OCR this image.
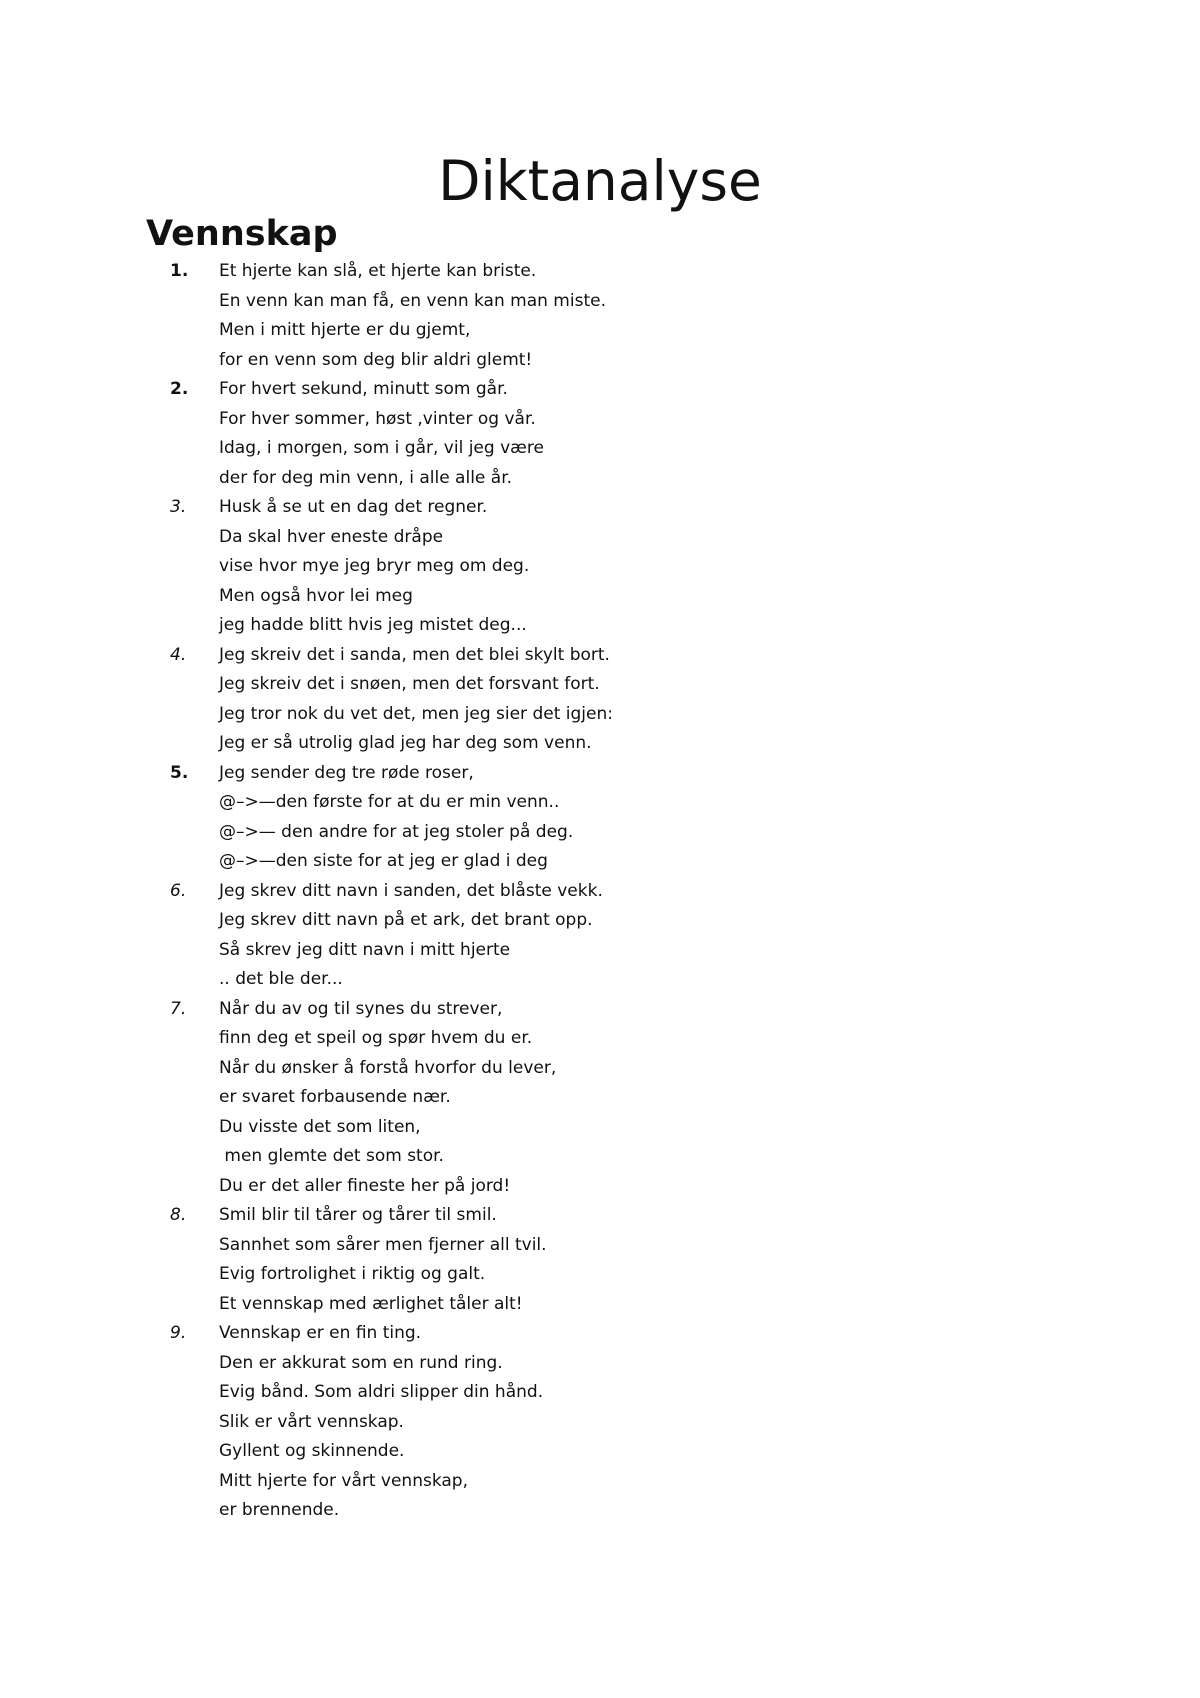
Diktanalyse
Vennskap
1.	Et hjerte kan slå, et hjerte kan briste.
En venn kan man få, en venn kan man miste.
Men i mitt hjerte er du gjemt,
for en venn som deg blir aldri glemt!
2.	For hvert sekund, minutt som går.
For hver sommer, høst ,vinter og vår.
Idag, i morgen, som i går, vil jeg være
der for deg min venn, i alle alle år.
3.	Husk å se ut en dag det regner.
Da skal hver eneste dråpe
vise hvor mye jeg bryr meg om deg.
Men også hvor lei meg
jeg hadde blitt hvis jeg mistet deg...
4.	Jeg skreiv det i sanda, men det blei skylt bort.
Jeg skreiv det i snøen, men det forsvant fort.
Jeg tror nok du vet det, men jeg sier det igjen:
Jeg er så utrolig glad jeg har deg som venn.
5.	Jeg sender deg tre røde roser,
@–>—den første for at du er min venn..
@–>— den andre for at jeg stoler på deg.
@–>—den siste for at jeg er glad i deg
6.	Jeg skrev ditt navn i sanden, det blåste vekk.
Jeg skrev ditt navn på et ark, det brant opp.
Så skrev jeg ditt navn i mitt hjerte
.. det ble der...
7.	Når du av og til synes du strever,
finn deg et speil og spør hvem du er.
Når du ønsker å forstå hvorfor du lever,
er svaret forbausende nær.
Du visste det som liten,
men glemte det som stor.
Du er det aller fineste her på jord!
8.	Smil blir til tårer og tårer til smil.
Sannhet som sårer men fjerner all tvil.
Evig fortrolighet i riktig og galt.
Et vennskap med ærlighet tåler alt!
9.	Vennskap er en fin ting.
Den er akkurat som en rund ring.
Evig bånd. Som aldri slipper din hånd.
Slik er vårt vennskap.
Gyllent og skinnende.
Mitt hjerte for vårt vennskap,
er brennende.
